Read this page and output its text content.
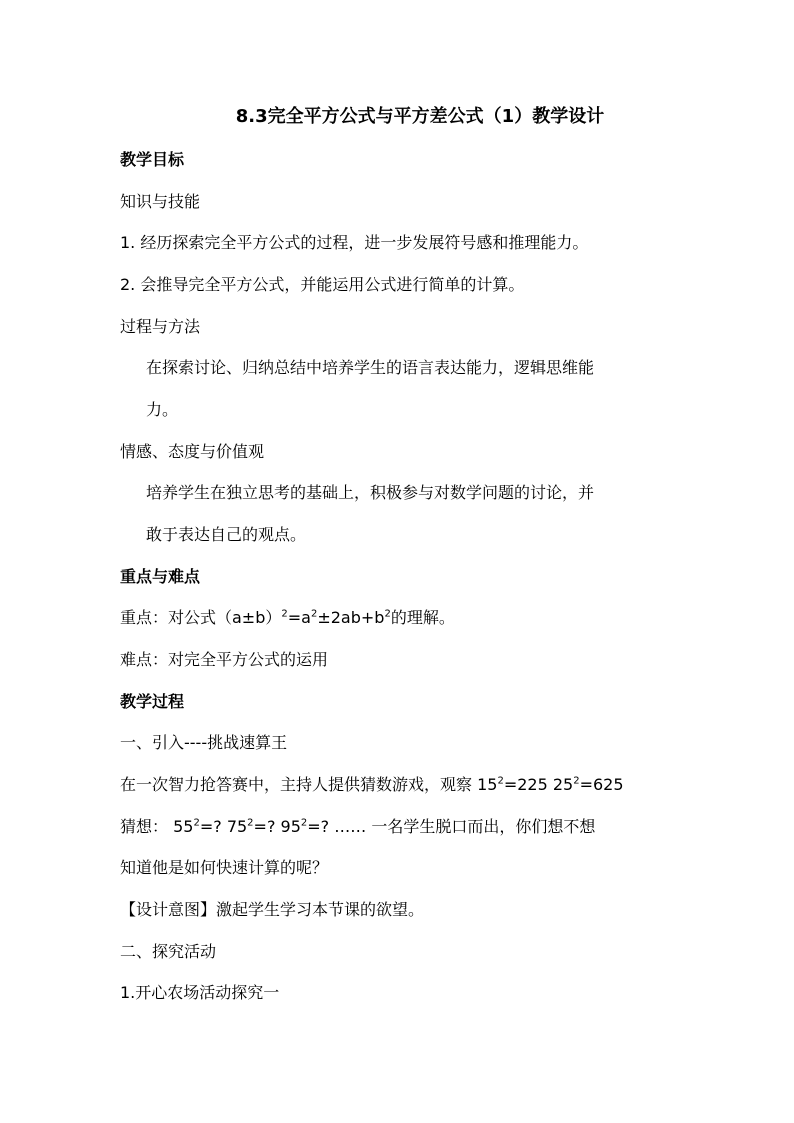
8.3完全平方公式与平方差公式（1）教学设计
教学目标
知识与技能
1. 经历探索完全平方公式的过程，进一步发展符号感和推理能力。
2. 会推导完全平方公式，并能运用公式进行简单的计算。
过程与方法
在探索讨论、归纳总结中培养学生的语言表达能力，逻辑思维能
力。
情感、态度与价值观
培养学生在独立思考的基础上，积极参与对数学问题的讨论，并
敢于表达自己的观点。
重点与难点
重点：对公式$(a\pm b)^2=a^2\pm 2ab+b^2$的理解。
难点：对完全平方公式的运用
教学过程
一、引入----挑战速算王
在一次智力抢答赛中，主持人提供猜数游戏，观察 $15^2=225$ $25^2=625$
猜想： $55^2=$? $75^2=$? $95^2=$? …… 一名学生脱口而出，你们想不想
知道他是如何快速计算的呢？
【设计意图】激起学生学习本节课的欲望。
二、探究活动
1.开心农场活动探究一
